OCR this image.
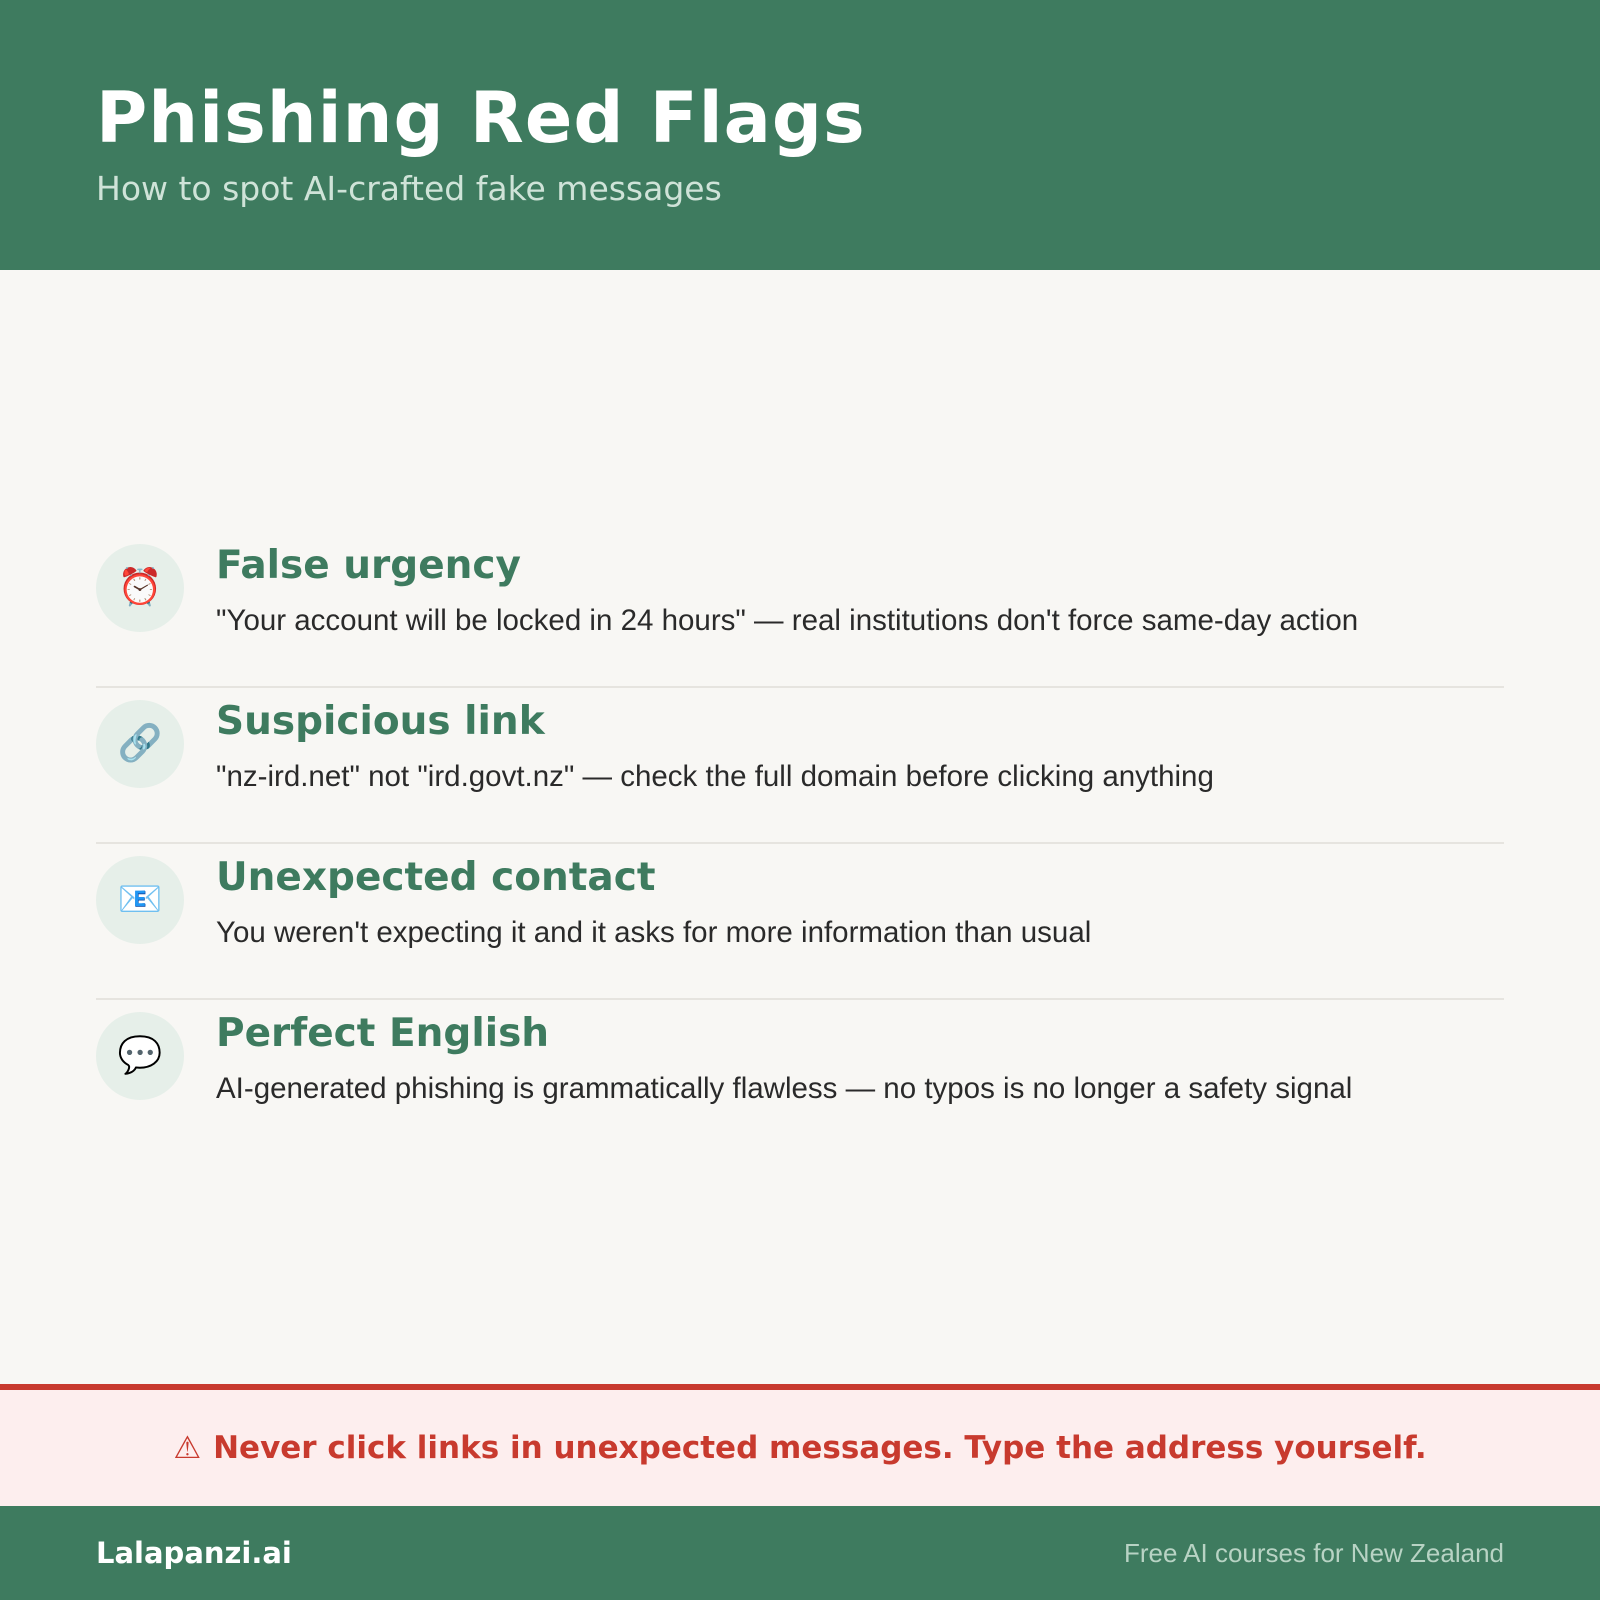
Phishing Red Flags
How to spot AI-crafted fake messages
⏰	False urgency
"Your account will be locked in 24 hours" — real institutions don't force same-day action
🔗	Suspicious link
"nz-ird.net" not "ird.govt.nz" — check the full domain before clicking anything
📧	Unexpected contact
You weren't expecting it and it asks for more information than usual
💬	Perfect English
AI-generated phishing is grammatically flawless — no typos is no longer a safety signal
⚠ Never click links in unexpected messages. Type the address yourself.
Lalapanzi.ai	Free AI courses for New Zealand
